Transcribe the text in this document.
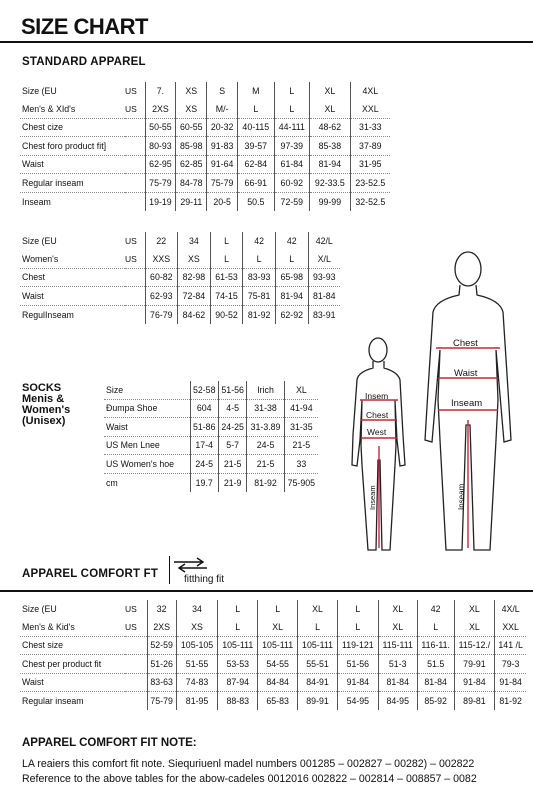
SIZE CHART
STANDARD APPAREL
Size (EU	US	7.	XS	S	M	L	XL	4XL
Men's & XId's	US	2XS	XS	M/-	L	L	XL	XXL
Chest cize		50-55	60-55	20-32	40-115	44-111	48-62	31-33
Chest foro product fit]		80-93	85-98	91-83	39-57	97-39	85-38	37-89
Waist		62-95	62-85	91-64	62-84	61-84	81-94	31-95
Regular inseam		75-79	84-78	75-79	66-91	60-92	92-33.5	23-52.5
Inseam		19-19	29-11	20-5	50.5	72-59	99-99	32-52.5
Size (EU	US	22	34	L	42	42	42/L
Women's	US	XXS	XS	L	L	L	X/L
Chest		60-82	82-98	61-53	83-93	65-98	93-93
Waist		62-93	72-84	74-15	75-81	81-94	81-84
RegulInseam		76-79	84-62	90-52	81-92	62-92	83-91
SOCKS
Menis &
Women's
(Unisex)
Size	52-58	51-56	Irich	XL
Ðumpa Shoe	604	4-5	31-38	41-94
Waist	51-86	24-25	31-3.89	31-35
US Men Lnee	17-4	5-7	24-5	21-5
US Women's hoe	24-5	21-5	21-5	33
cm	19.7	21-9	81-92	75-905
Chest
Waist
Inseam
Inseam
Insem
Chest
West
Inseam
APPAREL COMFORT FT	fitthing fit
Size (EU	US	32	34	L	L	XL	L	XL	42	XL	4X/L
Men's & Kid's	US	2XS	XS	L	XL	L	L	XL	L	XL	XXL
Chest size		52-59	105-105	105-111	105-111	105-111	119-121	115-111	116-11.	115-12./	141 /L
Chest per product fit		51-26	51-55	53-53	54-55	55-51	51-56	51-3	51.5	79-91	79-3
Waist		83-63	74-83	87-94	84-84	84-91	91-84	81-84	81-84	91-84	91-84
Regular inseam		75-79	81-95	88-83	65-83	89-91	54-95	84-95	85-92	89-81	81-92
APPAREL COMFORT FIT NOTE:
LA reaiers this comfort fit note. Siequriuenl madel numbers 001285 – 002827 – 00282) – 002822
Reference to the above tables for the abow-cadeles 0012016 002822 – 002814 – 008857 – 0082
